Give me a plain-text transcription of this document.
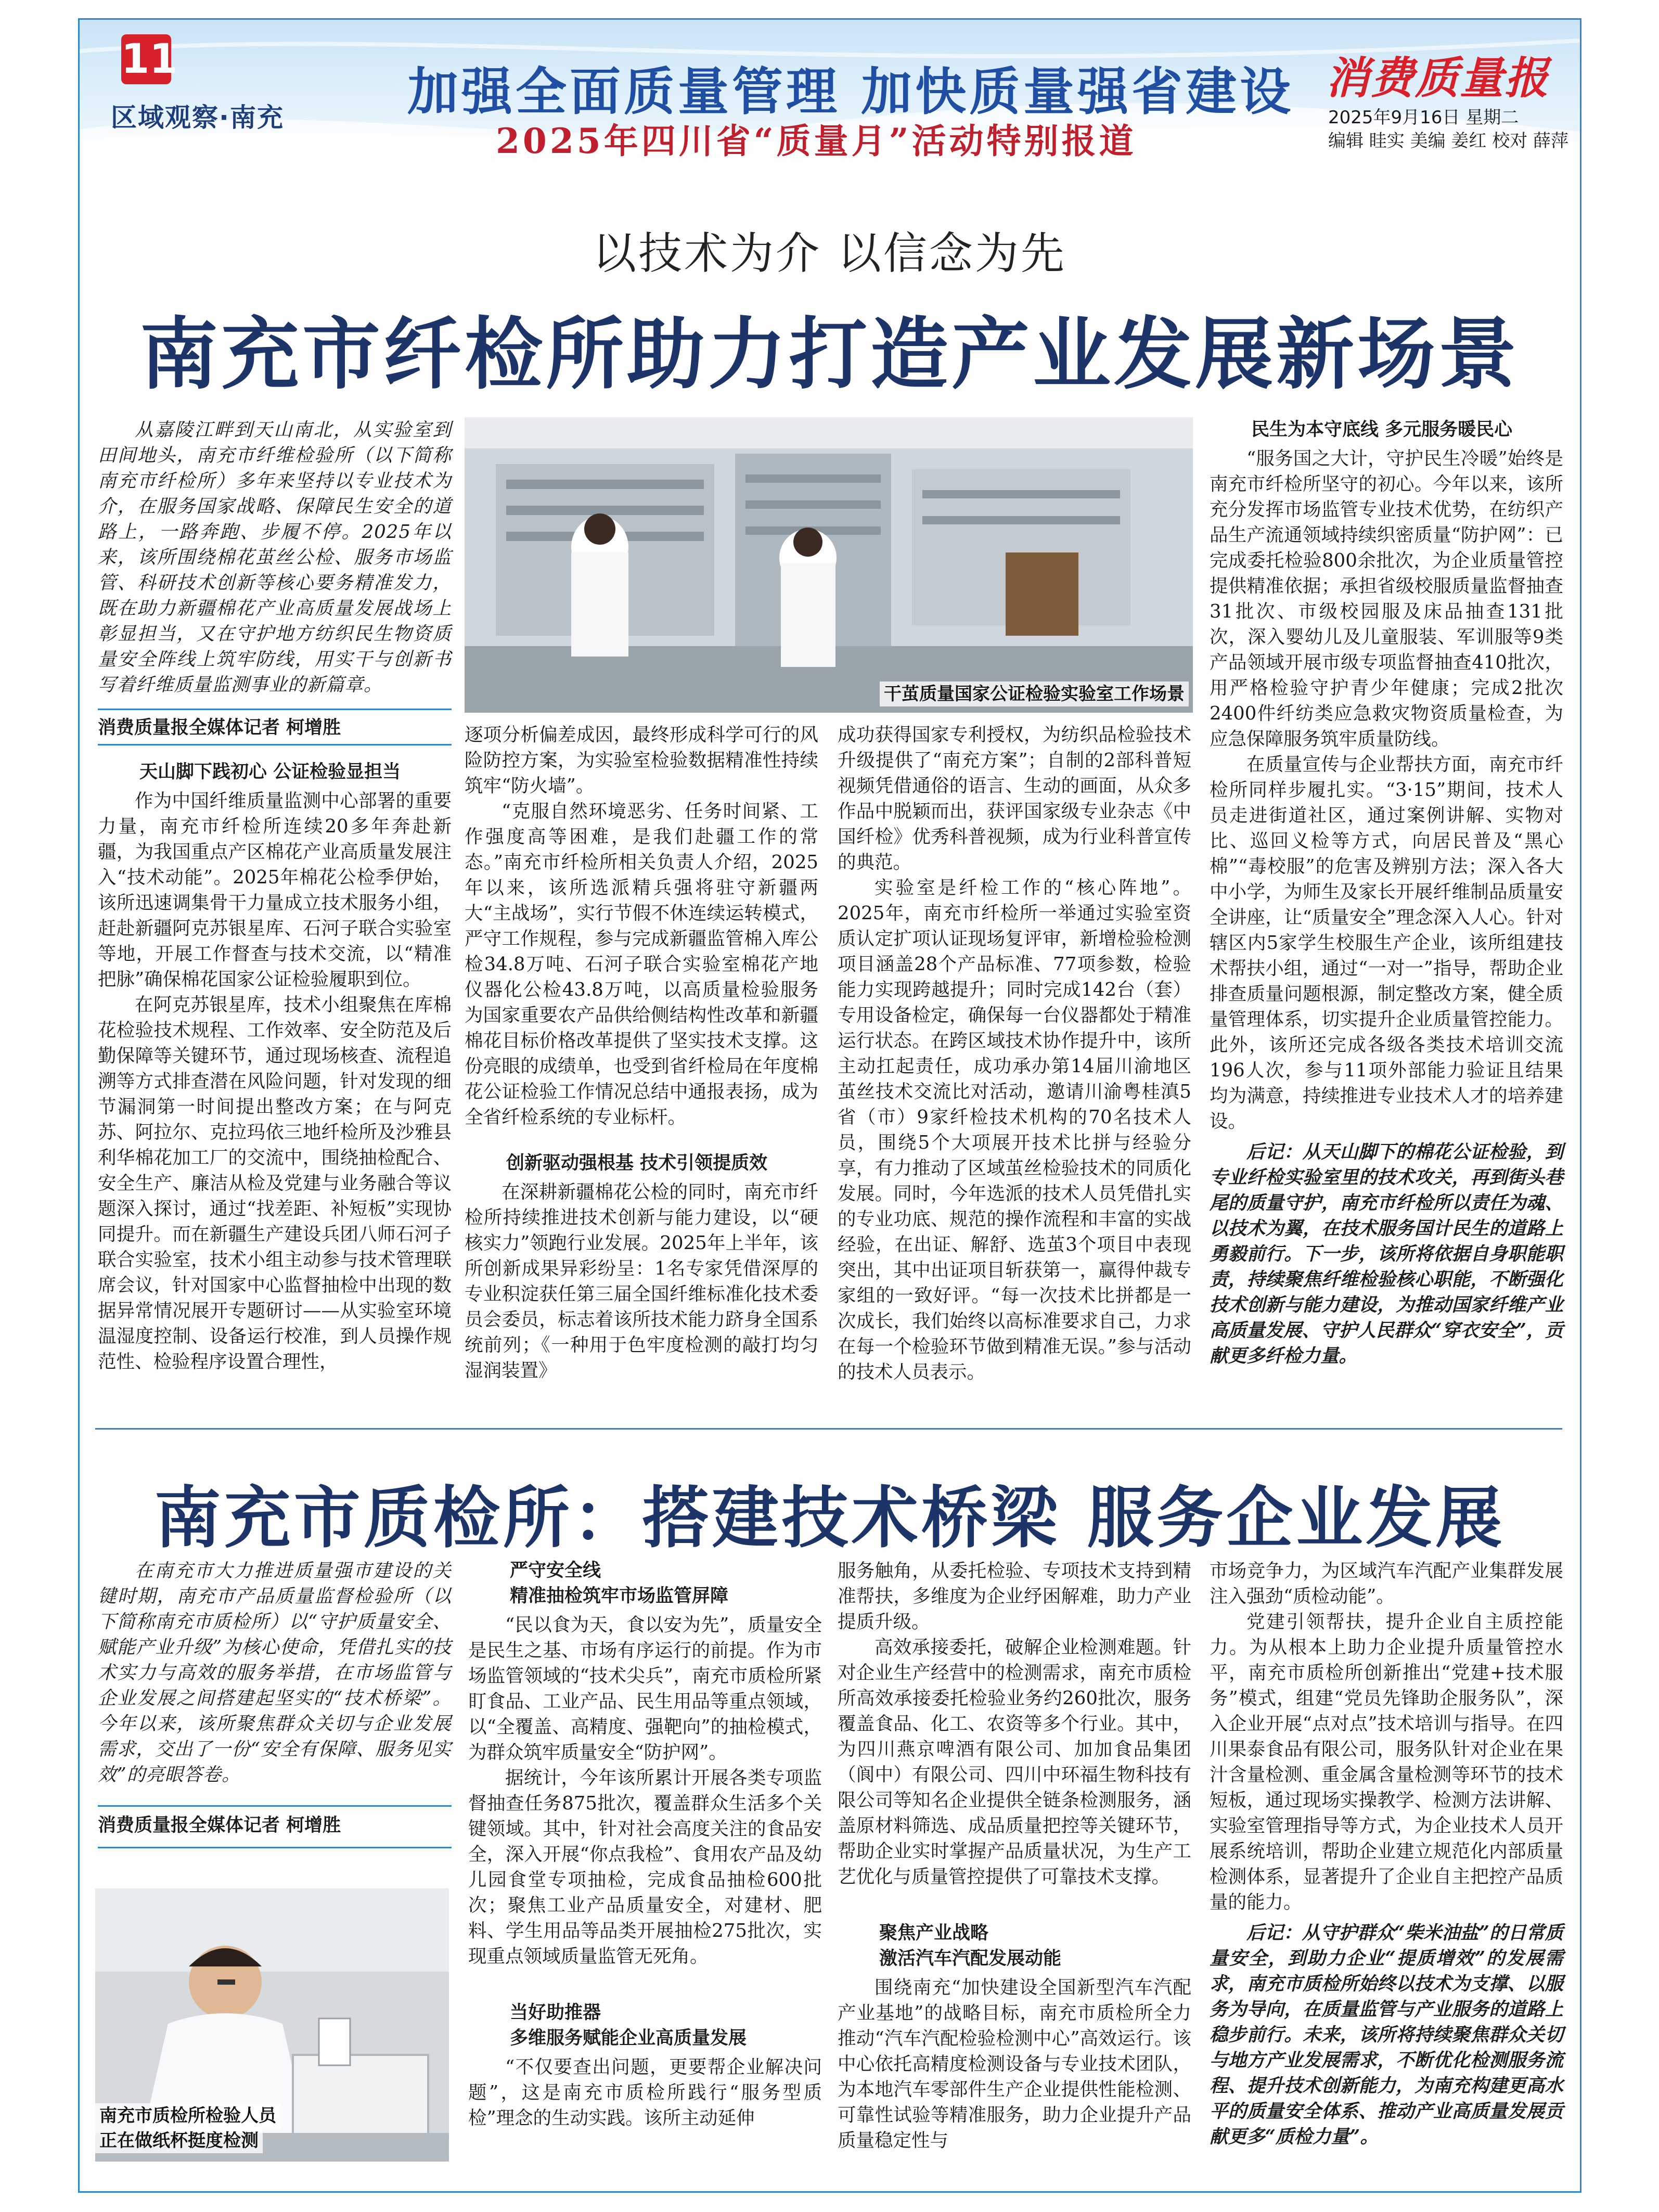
11
区域观察·南充 加强全面质量管理 加快质量强省建设
2025年四川省“质量月”活动特别报道
消费质量报
2025年9月16日 星期二
编辑 眭实 美编 姜红 校对 薛萍
以技术为介 以信念为先
南充市纤检所助力打造产业发展新场景

从嘉陵江畔到天山南北，从实验室到田间地头，南充市纤维检验所（以下简称南充市纤检所）多年来坚持以专业技术为介，在服务国家战略、保障民生安全的道路上，一路奔跑、步履不停。2025年以来，该所围绕棉花茧丝公检、服务市场监管、科研技术创新等核心要务精准发力，既在助力新疆棉花产业高质量发展战场上彰显担当，又在守护地方纺织民生物资质量安全阵线上筑牢防线，用实干与创新书写着纤维质量监测事业的新篇章。

消费质量报全媒体记者 柯增胜

干茧质量国家公证检验实验室工作场景

天山脚下践初心 公证检验显担当

作为中国纤维质量监测中心部署的重要力量，南充市纤检所连续20多年奔赴新疆，为我国重点产区棉花产业高质量发展注入“技术动能”。2025年棉花公检季伊始，该所迅速调集骨干力量成立技术服务小组，赶赴新疆阿克苏银星库、石河子联合实验室等地，开展工作督查与技术交流，以“精准把脉”确保棉花国家公证检验履职到位。

在阿克苏银星库，技术小组聚焦在库棉花检验技术规程、工作效率、安全防范及后勤保障等关键环节，通过现场核查、流程追溯等方式排查潜在风险问题，针对发现的细节漏洞第一时间提出整改方案；在与阿克苏、阿拉尔、克拉玛依三地纤检所及沙雅县利华棉花加工厂的交流中，围绕抽检配合、安全生产、廉洁从检及党建与业务融合等议题深入探讨，通过“找差距、补短板”实现协同提升。而在新疆生产建设兵团八师石河子联合实验室，技术小组主动参与技术管理联席会议，针对国家中心监督抽检中出现的数据异常情况展开专题研讨——从实验室环境温湿度控制、设备运行校准，到人员操作规范性、检验程序设置合理性，

逐项分析偏差成因，最终形成科学可行的风险防控方案，为实验室检验数据精准性持续筑牢“防火墙”。

“克服自然环境恶劣、任务时间紧、工作强度高等困难，是我们赴疆工作的常态。”南充市纤检所相关负责人介绍，2025年以来，该所选派精兵强将驻守新疆两大“主战场”，实行节假不休连续运转模式，严守工作规程，参与完成新疆监管棉入库公检34.8万吨、石河子联合实验室棉花产地仪器化公检43.8万吨，以高质量检验服务为国家重要农产品供给侧结构性改革和新疆棉花目标价格改革提供了坚实技术支撑。这份亮眼的成绩单，也受到省纤检局在年度棉花公证检验工作情况总结中通报表扬，成为全省纤检系统的专业标杆。

创新驱动强根基 技术引领提质效

在深耕新疆棉花公检的同时，南充市纤检所持续推进技术创新与能力建设，以“硬核实力”领跑行业发展。2025年上半年，该所创新成果异彩纷呈：1名专家凭借深厚的专业积淀获任第三届全国纤维标准化技术委员会委员，标志着该所技术能力跻身全国系统前列；《一种用于色牢度检测的敲打均匀湿润装置》

成功获得国家专利授权，为纺织品检验技术升级提供了“南充方案”；自制的2部科普短视频凭借通俗的语言、生动的画面，从众多作品中脱颖而出，获评国家级专业杂志《中国纤检》优秀科普视频，成为行业科普宣传的典范。

实验室是纤检工作的“核心阵地”。2025年，南充市纤检所一举通过实验室资质认定扩项认证现场复评审，新增检验检测项目涵盖28个产品标准、77项参数，检验能力实现跨越提升；同时完成142台（套）专用设备检定，确保每一台仪器都处于精准运行状态。在跨区域技术协作提升中，该所主动扛起责任，成功承办第14届川渝地区茧丝技术交流比对活动，邀请川渝粤桂滇5省（市）9家纤检技术机构的70名技术人员，围绕5个大项展开技术比拼与经验分享，有力推动了区域茧丝检验技术的同质化发展。同时，今年选派的技术人员凭借扎实的专业功底、规范的操作流程和丰富的实战经验，在出证、解舒、选茧3个项目中表现突出，其中出证项目斩获第一，赢得仲裁专家组的一致好评。“每一次技术比拼都是一次成长，我们始终以高标准要求自己，力求在每一个检验环节做到精准无误。”参与活动的技术人员表示。

民生为本守底线 多元服务暖民心

“服务国之大计，守护民生冷暖”始终是南充市纤检所坚守的初心。今年以来，该所充分发挥市场监管专业技术优势，在纺织产品生产流通领域持续织密质量“防护网”：已完成委托检验800余批次，为企业质量管控提供精准依据；承担省级校服质量监督抽查31批次、市级校园服及床品抽查131批次，深入婴幼儿及儿童服装、军训服等9类产品领域开展市级专项监督抽查410批次，用严格检验守护青少年健康；完成2批次2400件纤纺类应急救灾物资质量检查，为应急保障服务筑牢质量防线。

在质量宣传与企业帮扶方面，南充市纤检所同样步履扎实。“3·15”期间，技术人员走进街道社区，通过案例讲解、实物对比、巡回义检等方式，向居民普及“黑心棉”“毒校服”的危害及辨别方法；深入各大中小学，为师生及家长开展纤维制品质量安全讲座，让“质量安全”理念深入人心。针对辖区内5家学生校服生产企业，该所组建技术帮扶小组，通过“一对一”指导，帮助企业排查质量问题根源，制定整改方案，健全质量管理体系，切实提升企业质量管控能力。此外，该所还完成各级各类技术培训交流196人次，参与11项外部能力验证且结果均为满意，持续推进专业技术人才的培养建设。

后记：从天山脚下的棉花公证检验，到专业纤检实验室里的技术攻关，再到街头巷尾的质量守护，南充市纤检所以责任为魂、以技术为翼，在技术服务国计民生的道路上勇毅前行。下一步，该所将依据自身职能职责，持续聚焦纤维检验核心职能，不断强化技术创新与能力建设，为推动国家纤维产业高质量发展、守护人民群众“穿衣安全”，贡献更多纤检力量。

南充市质检所：搭建技术桥梁 服务企业发展

在南充市大力推进质量强市建设的关键时期，南充市产品质量监督检验所（以下简称南充市质检所）以“守护质量安全、赋能产业升级”为核心使命，凭借扎实的技术实力与高效的服务举措，在市场监管与企业发展之间搭建起坚实的“技术桥梁”。今年以来，该所聚焦群众关切与企业发展需求，交出了一份“安全有保障、服务见实效”的亮眼答卷。

消费质量报全媒体记者 柯增胜

南充市质检所检验人员
正在做纸杯挺度检测

严守安全线

精准抽检筑牢市场监管屏障

“民以食为天，食以安为先”，质量安全是民生之基、市场有序运行的前提。作为市场监管领域的“技术尖兵”，南充市质检所紧盯食品、工业产品、民生用品等重点领域，以“全覆盖、高精度、强靶向”的抽检模式，为群众筑牢质量安全“防护网”。

据统计，今年该所累计开展各类专项监督抽查任务875批次，覆盖群众生活多个关键领域。其中，针对社会高度关注的食品安全，深入开展“你点我检”、食用农产品及幼儿园食堂专项抽检，完成食品抽检600批次；聚焦工业产品质量安全，对建材、肥料、学生用品等品类开展抽检275批次，实现重点领域质量监管无死角。

当好助推器

多维服务赋能企业高质量发展

“不仅要查出问题，更要帮企业解决问题”，这是南充市质检所践行“服务型质检”理念的生动实践。该所主动延伸

服务触角，从委托检验、专项技术支持到精准帮扶，多维度为企业纾困解难，助力产业提质升级。

高效承接委托，破解企业检测难题。针对企业生产经营中的检测需求，南充市质检所高效承接委托检验业务约260批次，服务覆盖食品、化工、农资等多个行业。其中，为四川燕京啤酒有限公司、加加食品集团（阆中）有限公司、四川中环福生物科技有限公司等知名企业提供全链条检测服务，涵盖原材料筛选、成品质量把控等关键环节，帮助企业实时掌握产品质量状况，为生产工艺优化与质量管控提供了可靠技术支撑。

聚焦产业战略

激活汽车汽配发展动能

围绕南充“加快建设全国新型汽车汽配产业基地”的战略目标，南充市质检所全力推动“汽车汽配检验检测中心”高效运行。该中心依托高精度检测设备与专业技术团队，为本地汽车零部件生产企业提供性能检测、可靠性试验等精准服务，助力企业提升产品质量稳定性与

市场竞争力，为区域汽车汽配产业集群发展注入强劲“质检动能”。

党建引领帮扶，提升企业自主质控能力。为从根本上助力企业提升质量管控水平，南充市质检所创新推出“党建+技术服务”模式，组建“党员先锋助企服务队”，深入企业开展“点对点”技术培训与指导。在四川果泰食品有限公司，服务队针对企业在果汁含量检测、重金属含量检测等环节的技术短板，通过现场实操教学、检测方法讲解、实验室管理指导等方式，为企业技术人员开展系统培训，帮助企业建立规范化内部质量检测体系，显著提升了企业自主把控产品质量的能力。

后记：从守护群众“柴米油盐”的日常质量安全，到助力企业“提质增效”的发展需求，南充市质检所始终以技术为支撑、以服务为导向，在质量监管与产业服务的道路上稳步前行。未来，该所将持续聚焦群众关切与地方产业发展需求，不断优化检测服务流程、提升技术创新能力，为南充构建更高水平的质量安全体系、推动产业高质量发展贡献更多“质检力量”。
